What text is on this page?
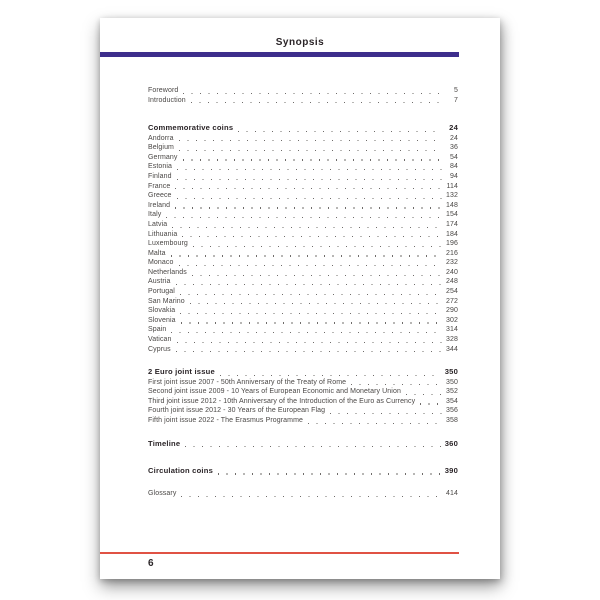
Synopsis
Foreword	5
Introduction	7
Commemorative coins	24
Andorra	24
Belgium	36
Germany	54
Estonia	84
Finland	94
France	114
Greece	132
Ireland	148
Italy	154
Latvia	174
Lithuania	184
Luxembourg	196
Malta	216
Monaco	232
Netherlands	240
Austria	248
Portugal	254
San Marino	272
Slovakia	290
Slovenia	302
Spain	314
Vatican	328
Cyprus	344
2 Euro joint issue	350
First joint issue 2007 - 50th Anniversary of the Treaty of Rome	350
Second joint issue 2009 - 10 Years of European Economic and Monetary Union	352
Third joint issue 2012 - 10th Anniversary of the Introduction of the Euro as Currency	354
Fourth joint issue 2012 - 30 Years of the European Flag	356
Fifth joint issue 2022 - The Erasmus Programme	358
Timeline	360
Circulation coins	390
Glossary	414
6
